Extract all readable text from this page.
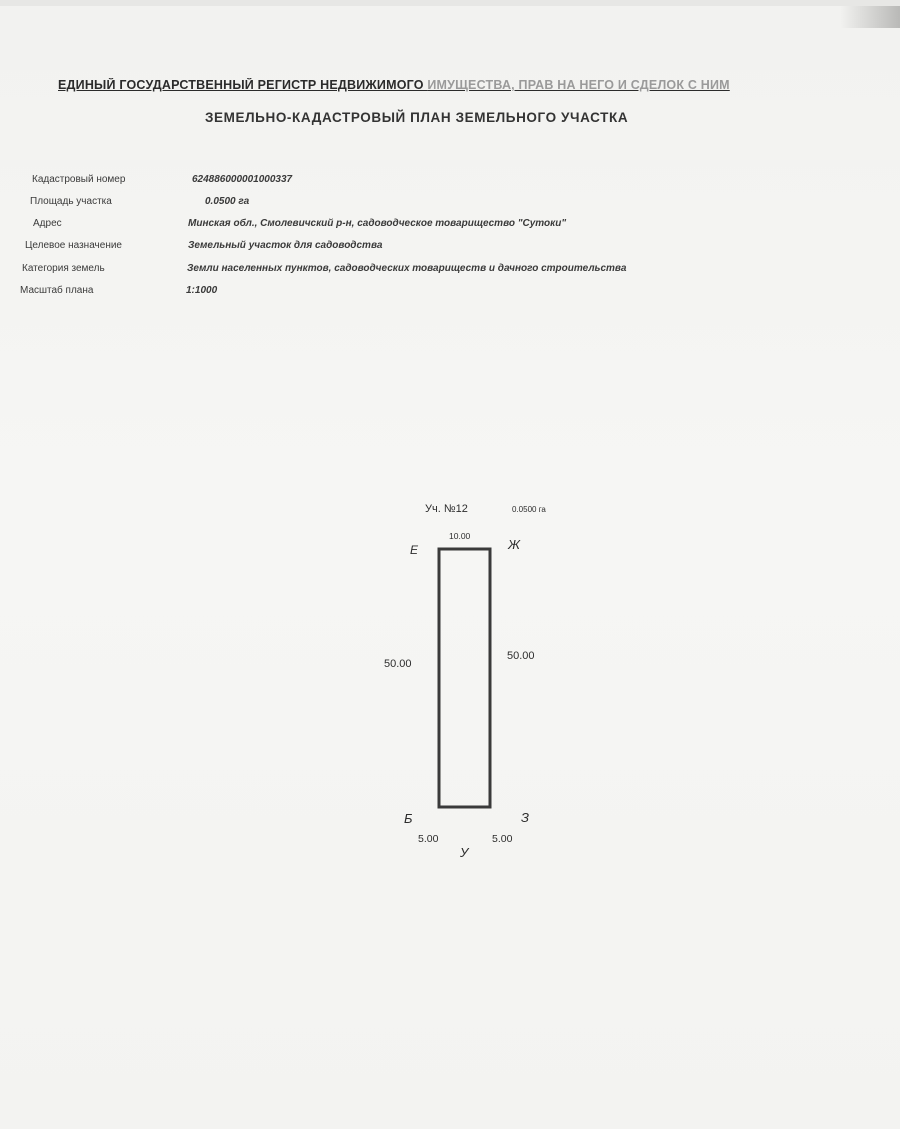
ЕДИНЫЙ ГОСУДАРСТВЕННЫЙ РЕГИСТР НЕДВИЖИМОГО ИМУЩЕСТВА, ПРАВ НА НЕГО И СДЕЛОК С НИМ
ЗЕМЕЛЬНО-КАДАСТРОВЫЙ ПЛАН ЗЕМЕЛЬНОГО УЧАСТКА
Кадастровый номер	624886000001000337
Площадь участка	0.0500 га
Адрес	Минская обл., Смолевичский р-н, садоводческое товарищество "Сутоки"
Целевое назначение	Земельный участок для садоводства
Категория земель	Земли населенных пунктов, садоводческих товариществ и дачного строительства
Масштаб плана	1:1000
Уч. №12	0.0500 га
10.00
50.00
50.00
5.00	5.00
Е	Ж
Б	З
У
